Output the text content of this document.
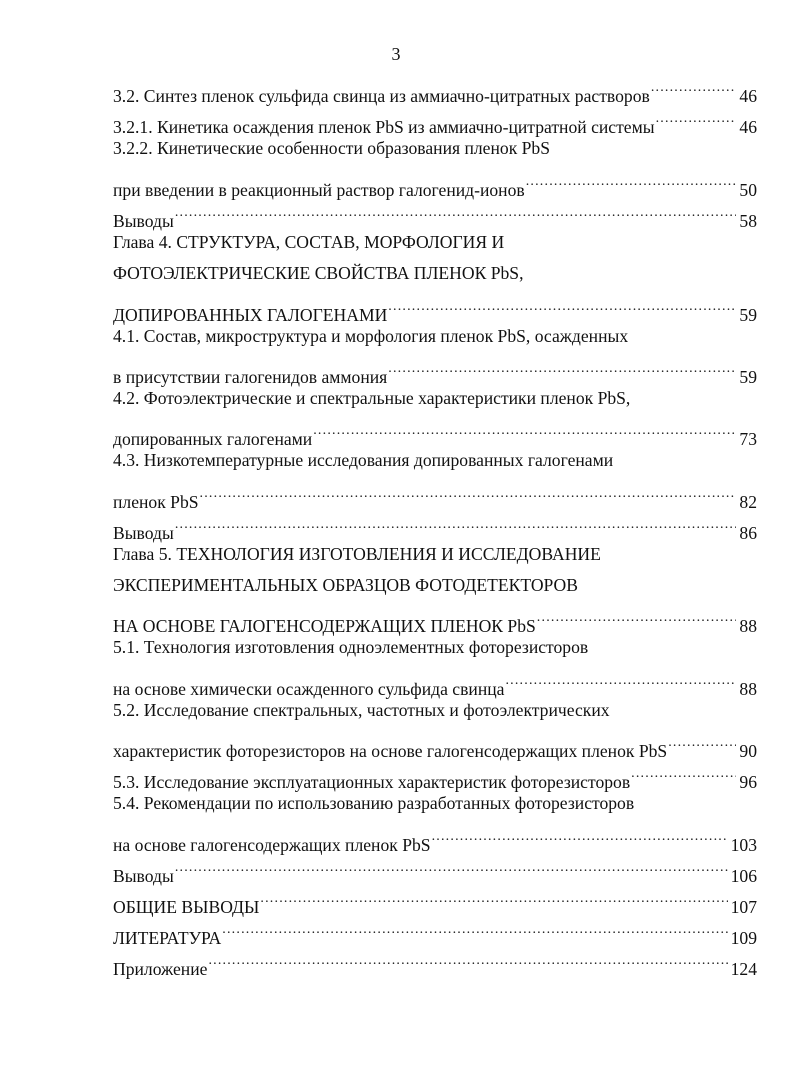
3
3.2. Синтез пленок сульфида свинца из аммиачно-цитратных растворов .....	46
3.2.1. Кинетика осаждения пленок PbS из аммиачно-цитратной системы .....	46
3.2.2. Кинетические особенности образования пленок PbS
при введении в реакционный раствор галогенид-ионов .....	50
Выводы .....	58
Глава 4. СТРУКТУРА, СОСТАВ, МОРФОЛОГИЯ И
ФОТОЭЛЕКТРИЧЕСКИЕ СВОЙСТВА ПЛЕНОК PbS,
ДОПИРОВАННЫХ ГАЛОГЕНАМИ .....	59
4.1. Состав, микроструктура и морфология пленок PbS, осажденных
в присутствии галогенидов аммония .....	59
4.2. Фотоэлектрические и спектральные характеристики пленок PbS,
допированных галогенами .....	73
4.3. Низкотемпературные исследования допированных галогенами
пленок PbS .....	82
Выводы .....	86
Глава 5. ТЕХНОЛОГИЯ ИЗГОТОВЛЕНИЯ И ИССЛЕДОВАНИЕ
ЭКСПЕРИМЕНТАЛЬНЫХ ОБРАЗЦОВ ФОТОДЕТЕКТОРОВ
НА ОСНОВЕ ГАЛОГЕНСОДЕРЖАЩИХ ПЛЕНОК PbS .....	88
5.1. Технология изготовления одноэлементных фоторезисторов
на основе химически осажденного сульфида свинца .....	88
5.2. Исследование спектральных, частотных и фотоэлектрических
характеристик фоторезисторов на основе галогенсодержащих пленок PbS .....	90
5.3. Исследование эксплуатационных характеристик фоторезисторов .....	96
5.4. Рекомендации по использованию разработанных фоторезисторов
на основе галогенсодержащих пленок PbS .....	103
Выводы .....	106
ОБЩИЕ ВЫВОДЫ .....	107
ЛИТЕРАТУРА .....	109
Приложение .....	124
